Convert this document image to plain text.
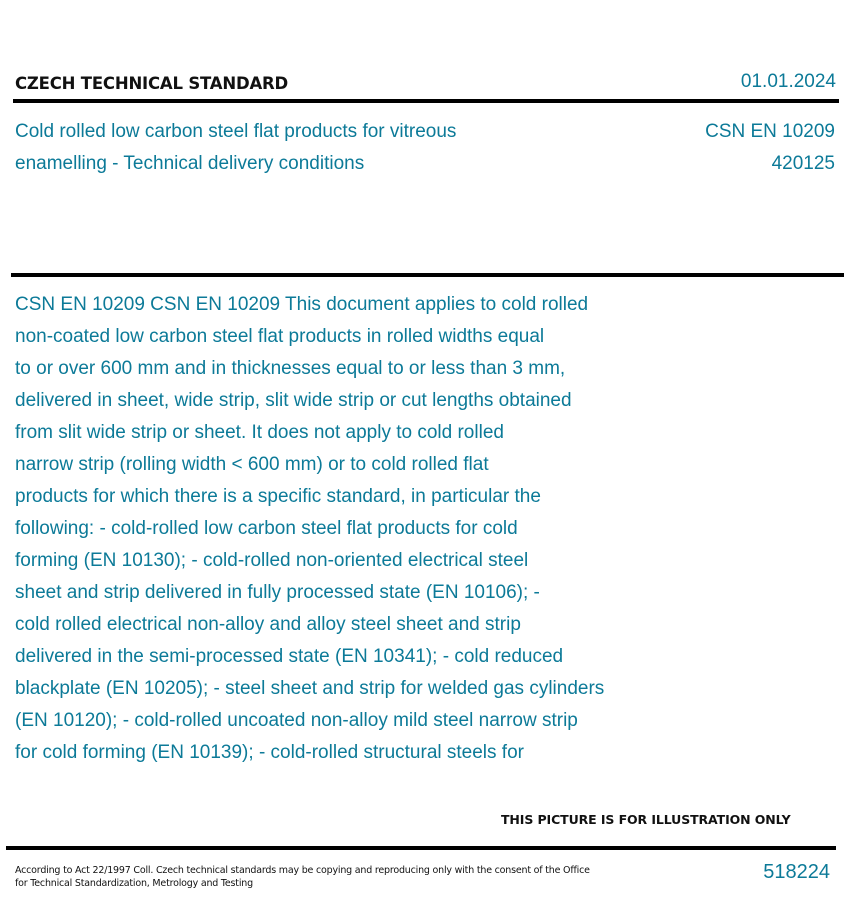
CZECH TECHNICAL STANDARD	01.01.2024
Cold rolled low carbon steel flat products for vitreous
enamelling - Technical delivery conditions
CSN EN 10209
420125
CSN EN 10209 CSN EN 10209 This document applies to cold rolled
non-coated low carbon steel flat products in rolled widths equal
to or over 600 mm and in thicknesses equal to or less than 3 mm,
delivered in sheet, wide strip, slit wide strip or cut lengths obtained
from slit wide strip or sheet. It does not apply to cold rolled
narrow strip (rolling width < 600 mm) or to cold rolled flat
products for which there is a specific standard, in particular the
following: - cold-rolled low carbon steel flat products for cold
forming (EN 10130); - cold-rolled non-oriented electrical steel
sheet and strip delivered in fully processed state (EN 10106); -
cold rolled electrical non-alloy and alloy steel sheet and strip
delivered in the semi-processed state (EN 10341); - cold reduced
blackplate (EN 10205); - steel sheet and strip for welded gas cylinders
(EN 10120); - cold-rolled uncoated non-alloy mild steel narrow strip
for cold forming (EN 10139); - cold-rolled structural steels for
THIS PICTURE IS FOR ILLUSTRATION ONLY
According to Act 22/1997 Coll. Czech technical standards may be copying and reproducing only with the consent of the Office
for Technical Standardization, Metrology and Testing
518224
